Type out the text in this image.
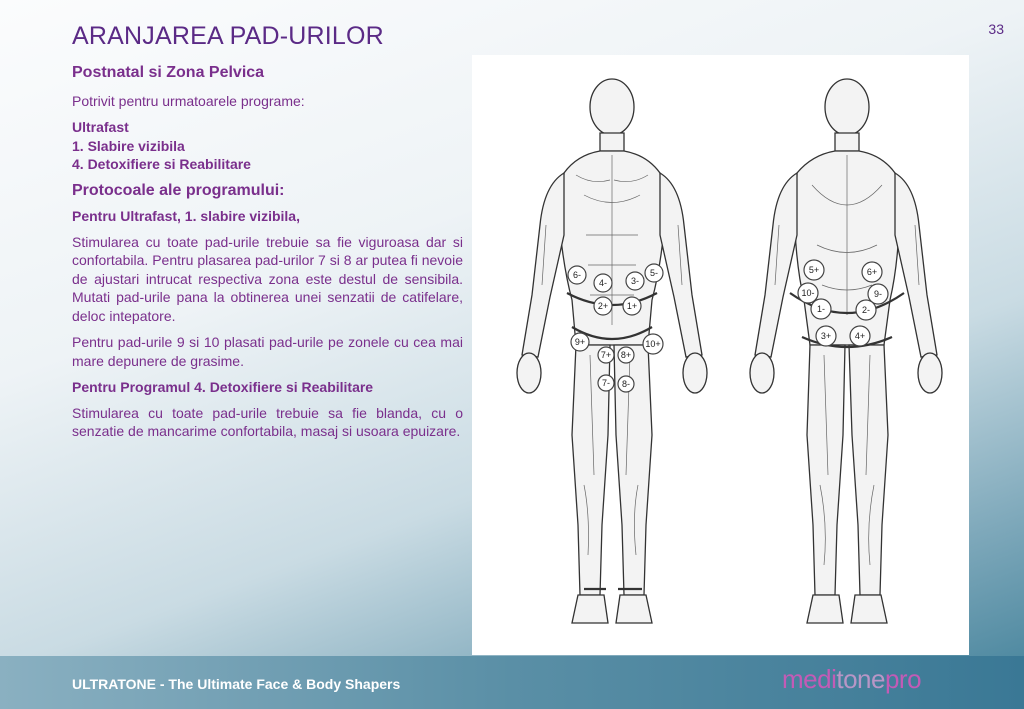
ARANJAREA PAD-URILOR	33

Postnatal si Zona Pelvica

Potrivit pentru urmatoarele programe:

Ultrafast

1. Slabire vizibila

4. Detoxifiere si Reabilitare

Protocoale ale programului:

Pentru Ultrafast, 1. slabire vizibila,

Stimularea cu toate pad-urile trebuie sa fie viguroasa dar si confortabila. Pentru plasarea pad-urilor 7 si 8 ar putea fi nevoie de ajustari intrucat respectiva zona este destul de sensibila. Mutati pad-urile pana la obtinerea unei senzatii de catifelare, deloc intepatore.

Pentru pad-urile 9 si 10 plasati pad-urile pe zonele cu cea mai mare depunere de grasime.

Pentru Programul 4. Detoxifiere si Reabilitare

Stimularea cu toate pad-urile trebuie sa fie blanda, cu o senzatie de mancarime confortabila, masaj si usoara epuizare.

6-
4-	3-
5-
2+ 1+
9+	10+
7+ 8+
7- 8-
5+	6+
10-	9-
1-	2-
3+	4+
ULTRATONE - The Ultimate Face & Body Shapers	meditonepro
